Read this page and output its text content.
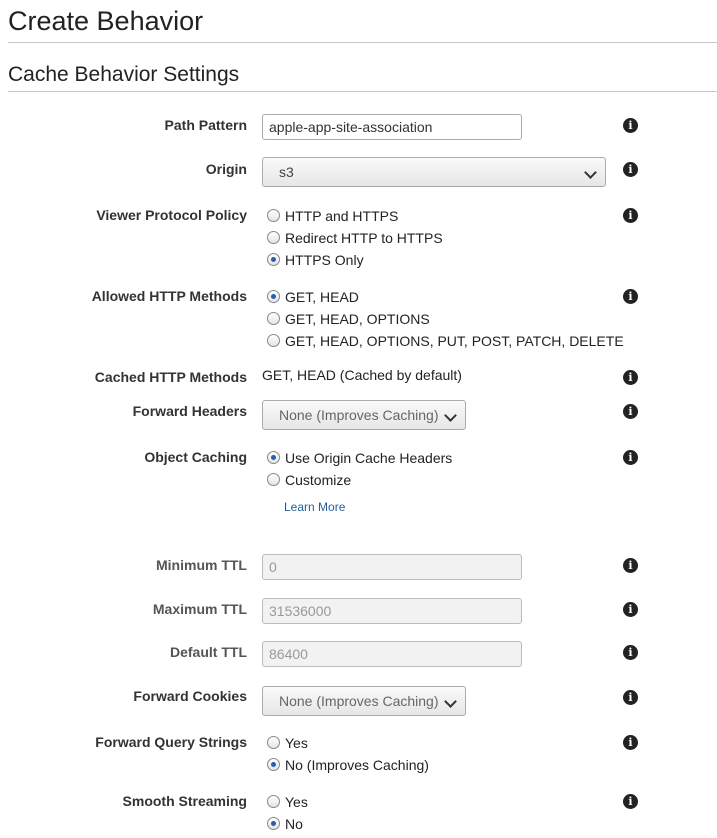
Create Behavior
Cache Behavior Settings
Path Pattern	apple-app-site-association	i
Origin	s3	i
Viewer Protocol Policy	HTTP and HTTPS
Redirect HTTP to HTTPS
HTTPS Only
i
Allowed HTTP Methods	GET, HEAD
GET, HEAD, OPTIONS
GET, HEAD, OPTIONS, PUT, POST, PATCH, DELETE
i
Cached HTTP Methods GET, HEAD (Cached by default)	i
Forward Headers	None (Improves Caching)	i
Object Caching	Use Origin Cache Headers
Customize
Learn More
i
Minimum TTL	0	i
Maximum TTL	31536000	i
Default TTL	86400	i
Forward Cookies	None (Improves Caching)	i
Forward Query Strings	Yes
No (Improves Caching)
i
Smooth Streaming	Yes
No
i
